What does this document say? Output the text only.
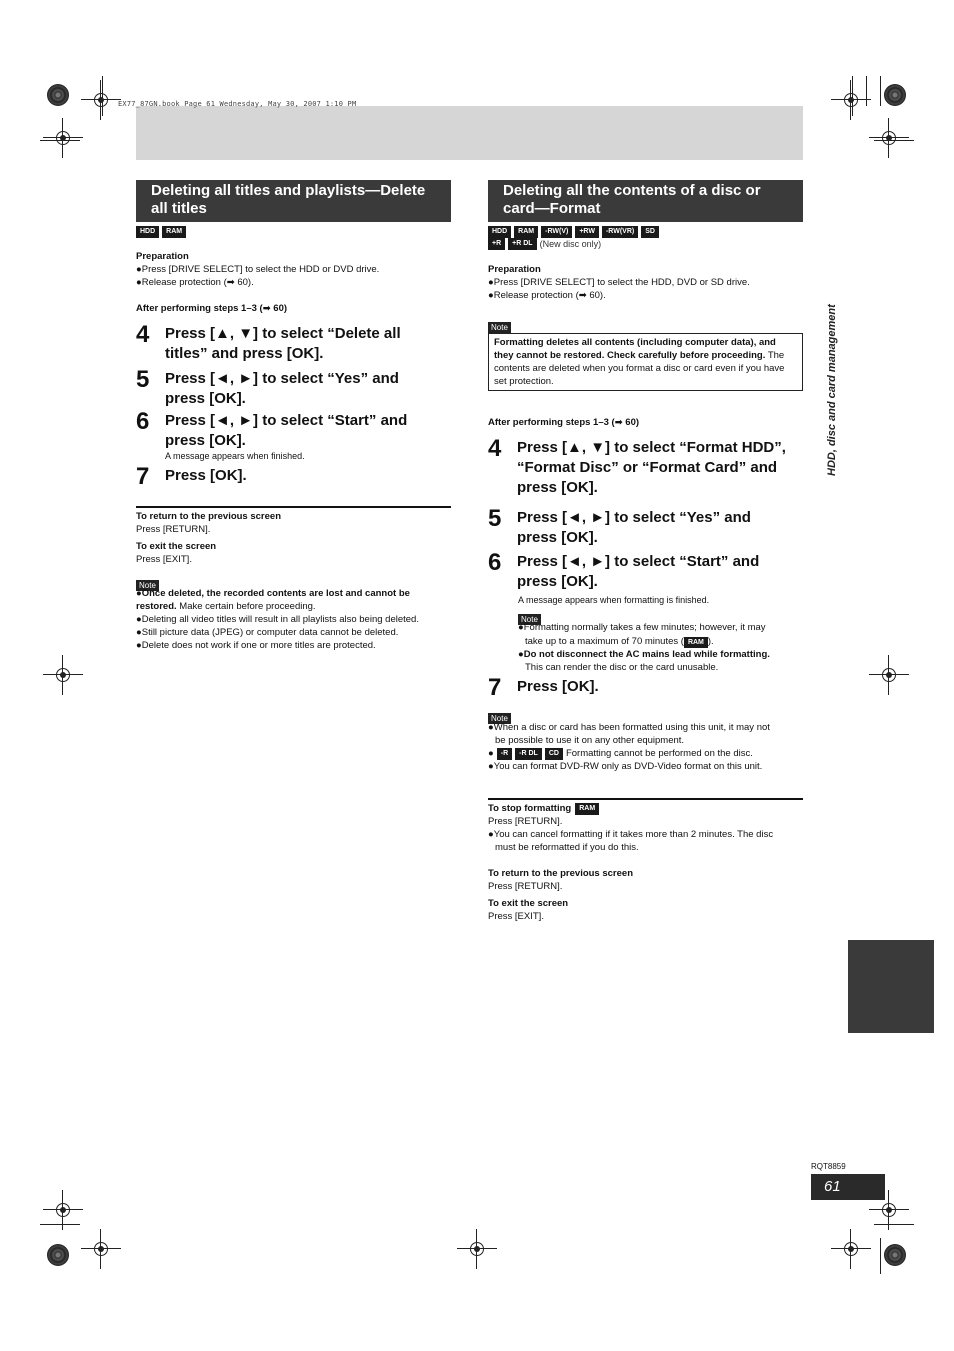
EX77_87GN.book Page 61 Wednesday, May 30, 2007 1:10 PM
Deleting all titles and playlists—Delete all titles
HDD	RAM
Preparation
●Press [DRIVE SELECT] to select the HDD or DVD drive.
●Release protection (➡ 60).
After performing steps 1–3 (➡ 60)
4	Press [▲, ▼] to select “Delete all titles” and press [OK].
5	Press [◄, ►] to select “Yes” and press [OK].
6	Press [◄, ►] to select “Start” and press [OK].
A message appears when finished.
7	Press [OK].
To return to the previous screen
Press [RETURN].
To exit the screen
Press [EXIT].
Note
●Once deleted, the recorded contents are lost and cannot be restored. Make certain before proceeding.
●Deleting all video titles will result in all playlists also being deleted.
●Still picture data (JPEG) or computer data cannot be deleted.
●Delete does not work if one or more titles are protected.
Deleting all the contents of a disc or card—Format
HDD	RAM	-RW(V)	+RW	-RW(VR)	SD
+R	+R DL (New disc only)
Preparation
●Press [DRIVE SELECT] to select the HDD, DVD or SD drive.
●Release protection (➡ 60).
Note
Formatting deletes all contents (including computer data), and they cannot be restored. Check carefully before proceeding. The contents are deleted when you format a disc or card even if you have set protection.
After performing steps 1–3 (➡ 60)
4	Press [▲, ▼] to select “Format HDD”, “Format Disc” or “Format Card” and press [OK].
5	Press [◄, ►] to select “Yes” and press [OK].
6	Press [◄, ►] to select “Start” and press [OK].
A message appears when formatting is finished.
Note
●Formatting normally takes a few minutes; however, it may
take up to a maximum of 70 minutes ( RAM ).
●Do not disconnect the AC mains lead while formatting.
This can render the disc or the card unusable.
7	Press [OK].
Note
●When a disc or card has been formatted using this unit, it may not
be possible to use it on any other equipment.
●	-R	-R DL	CD Formatting cannot be performed on the disc.
●You can format DVD-RW only as DVD-Video format on this unit.
To stop formatting	RAM
Press [RETURN].
●You can cancel formatting if it takes more than 2 minutes. The disc
must be reformatted if you do this.
To return to the previous screen
Press [RETURN].
To exit the screen
Press [EXIT].
HDD, disc and card management
RQT8859
61
